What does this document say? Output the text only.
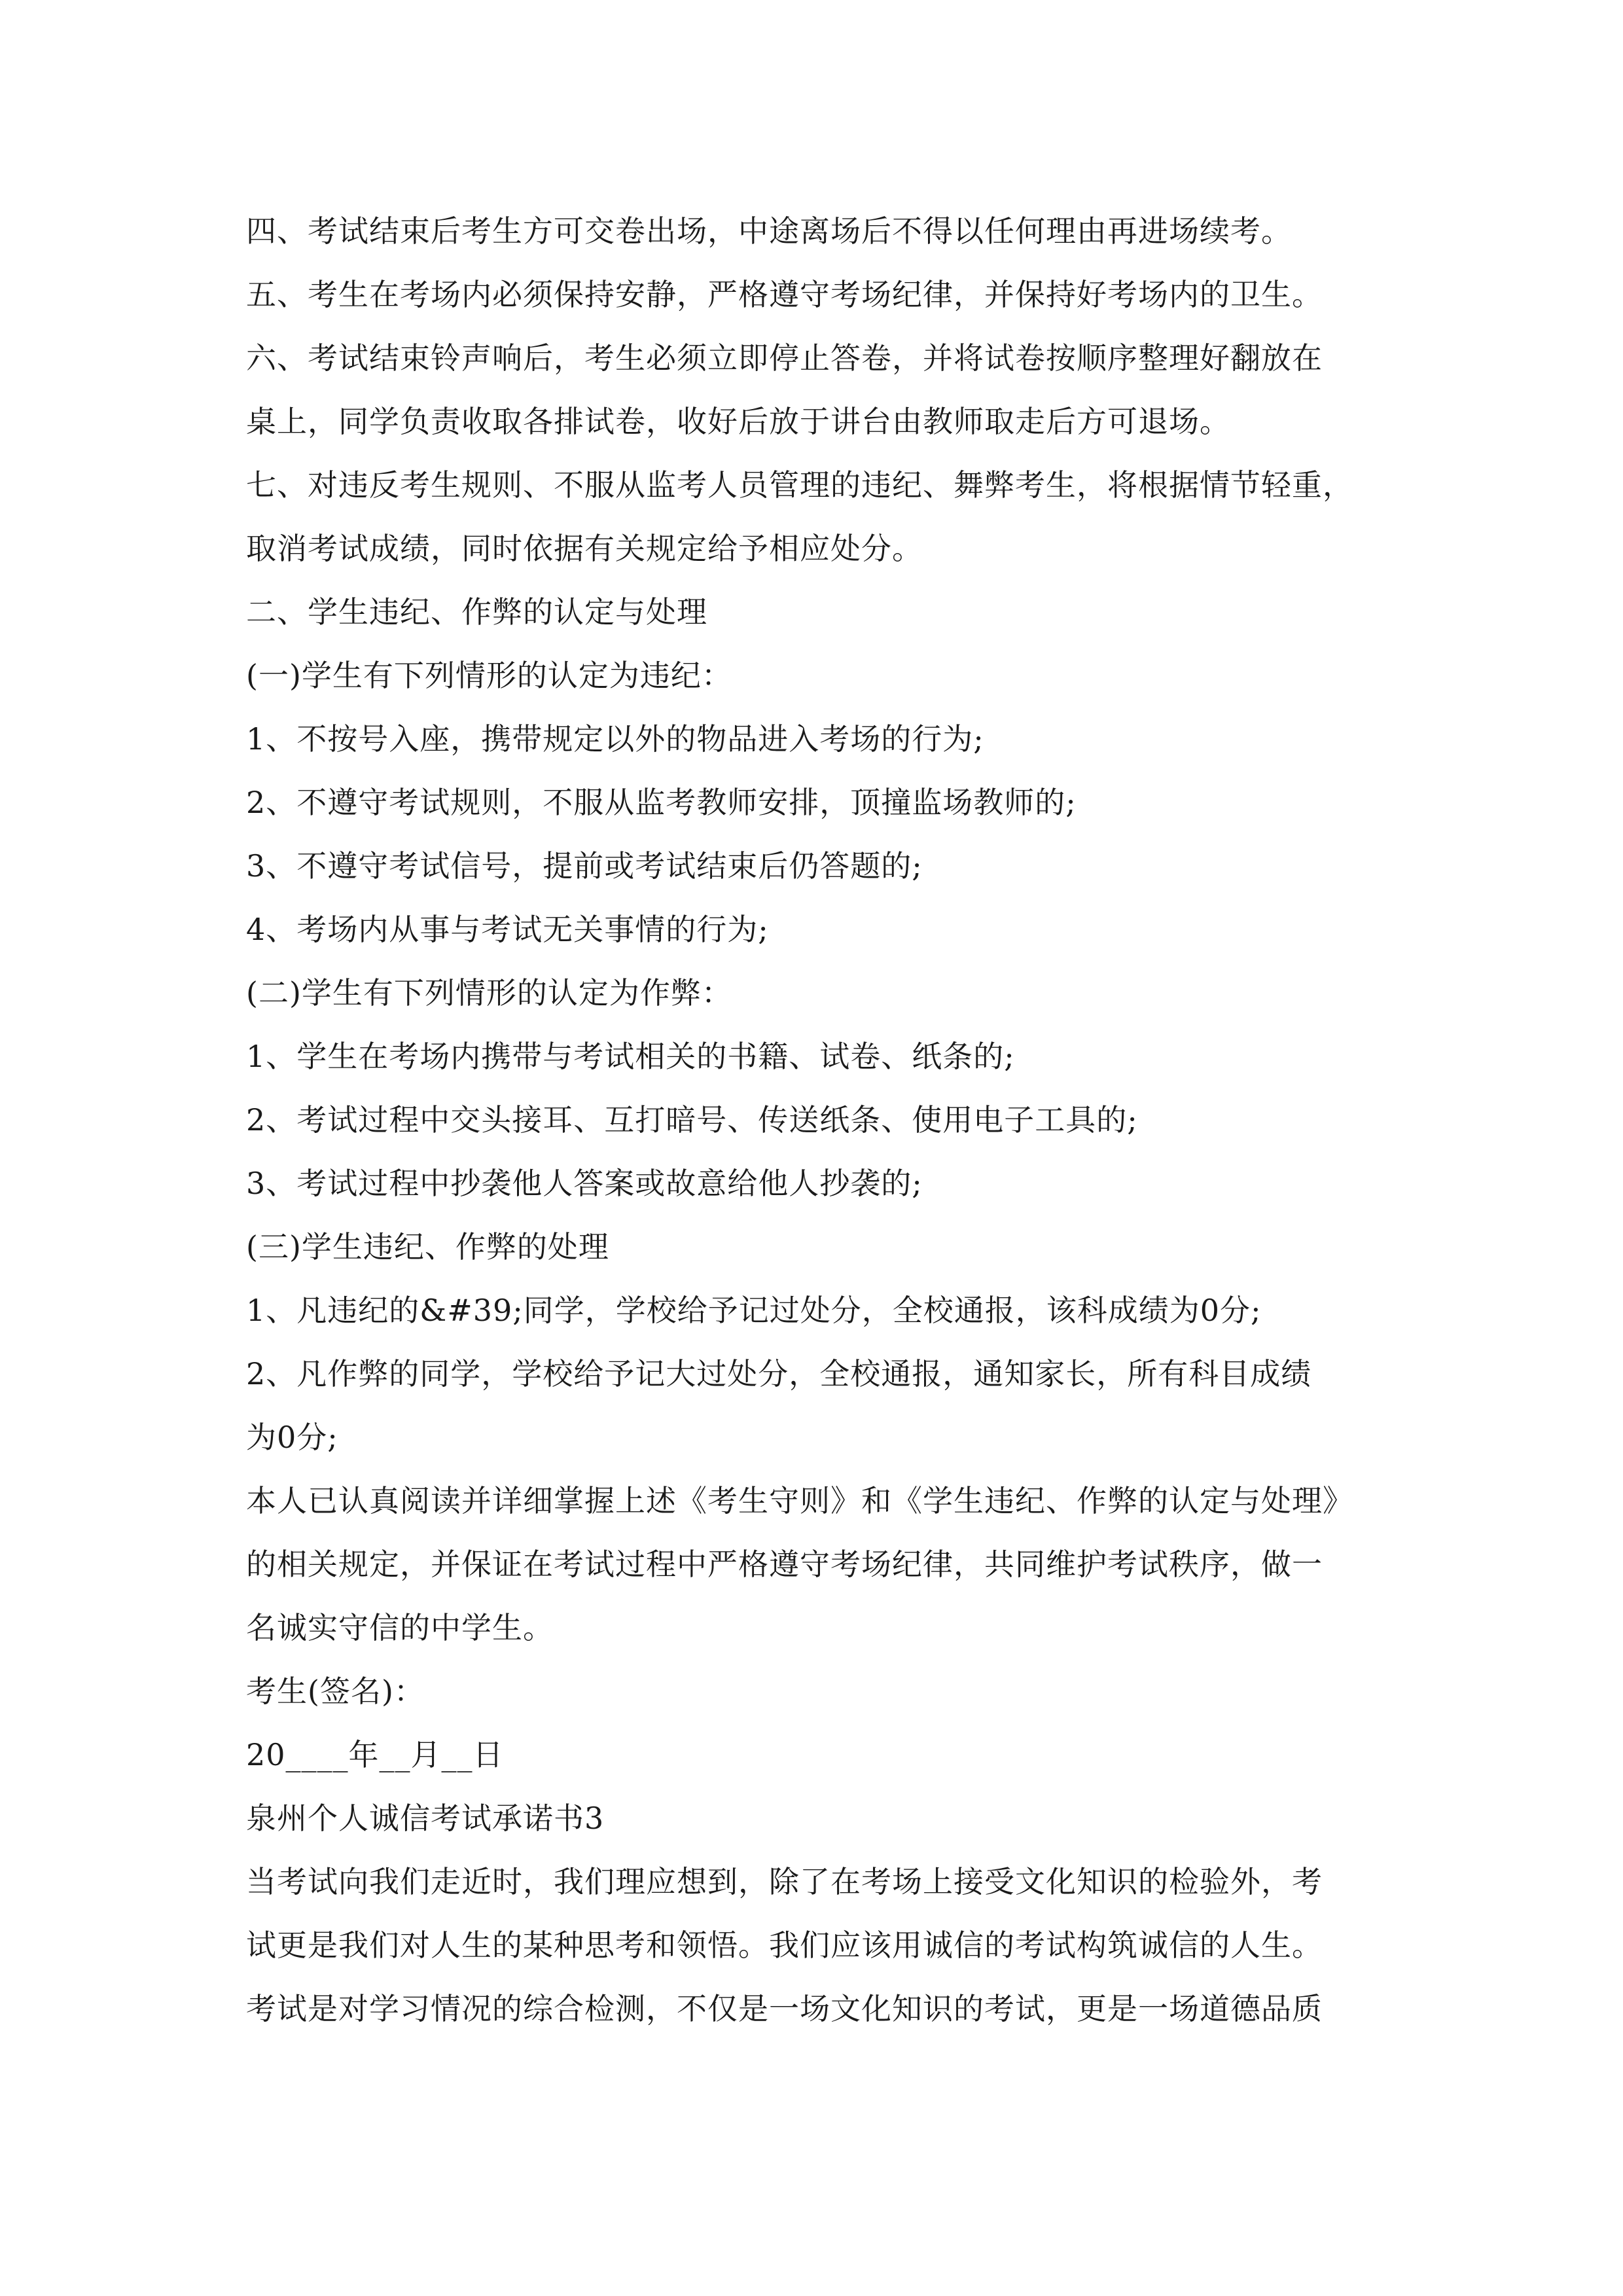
四、考试结束后考生方可交卷出场，中途离场后不得以任何理由再进场续考。
五、考生在考场内必须保持安静，严格遵守考场纪律，并保持好考场内的卫生。
六、考试结束铃声响后，考生必须立即停止答卷，并将试卷按顺序整理好翻放在
桌上，同学负责收取各排试卷，收好后放于讲台由教师取走后方可退场。
七、对违反考生规则、不服从监考人员管理的违纪、舞弊考生，将根据情节轻重，
取消考试成绩，同时依据有关规定给予相应处分。
二、学生违纪、作弊的认定与处理
(一)学生有下列情形的认定为违纪：
1、不按号入座，携带规定以外的物品进入考场的行为;
2、不遵守考试规则，不服从监考教师安排，顶撞监场教师的;
3、不遵守考试信号，提前或考试结束后仍答题的;
4、考场内从事与考试无关事情的行为;
(二)学生有下列情形的认定为作弊：
1、学生在考场内携带与考试相关的书籍、试卷、纸条的;
2、考试过程中交头接耳、互打暗号、传送纸条、使用电子工具的;
3、考试过程中抄袭他人答案或故意给他人抄袭的;
(三)学生违纪、作弊的处理
1、凡违纪的&#39;同学，学校给予记过处分，全校通报，该科成绩为0分;
2、凡作弊的同学，学校给予记大过处分，全校通报，通知家长，所有科目成绩
为0分;
本人已认真阅读并详细掌握上述《考生守则》和《学生违纪、作弊的认定与处理》
的相关规定，并保证在考试过程中严格遵守考场纪律，共同维护考试秩序，做一
名诚实守信的中学生。
考生(签名)：
20____年__月__日
泉州个人诚信考试承诺书3
当考试向我们走近时，我们理应想到，除了在考场上接受文化知识的检验外，考
试更是我们对人生的某种思考和领悟。我们应该用诚信的考试构筑诚信的人生。
考试是对学习情况的综合检测，不仅是一场文化知识的考试，更是一场道德品质
